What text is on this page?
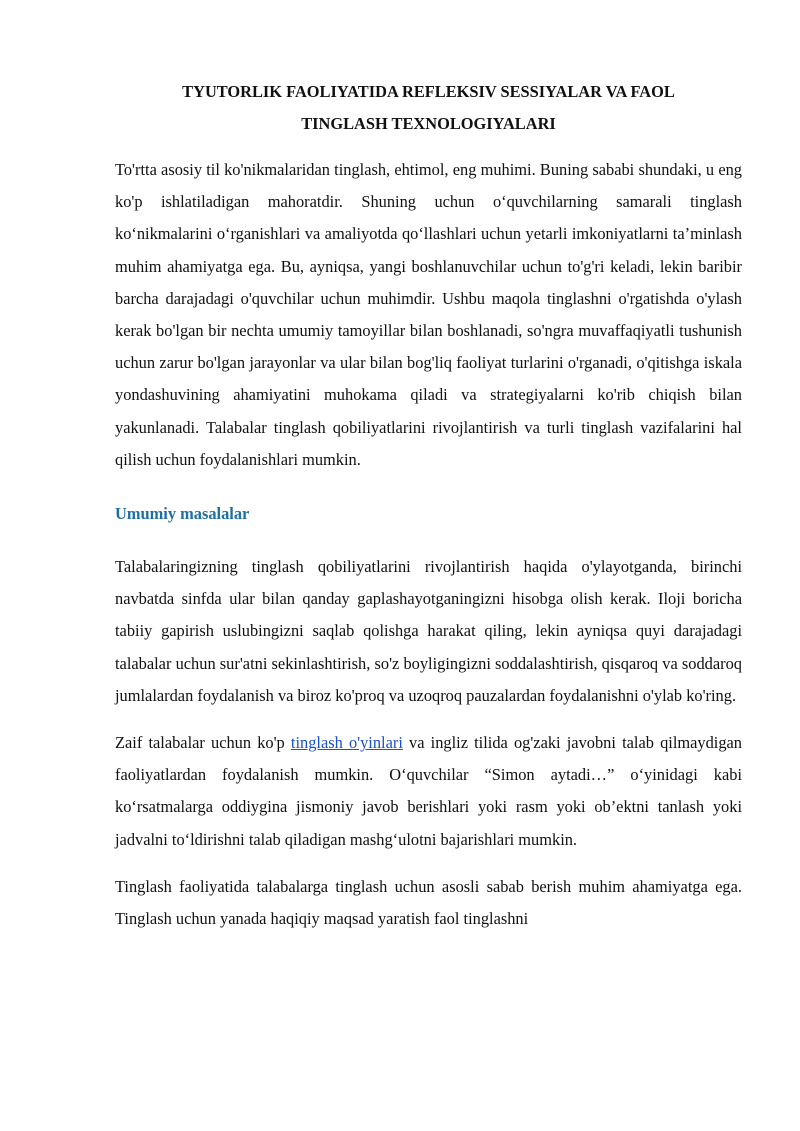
TYUTORLIK FAOLIYATIDA REFLEKSIV SESSIYALAR VA FAOL
TINGLASH TEXNOLOGIYALARI

To'rtta asosiy til ko'nikmalaridan tinglash, ehtimol, eng muhimi. Buning sababi shundaki, u eng ko'p ishlatiladigan mahoratdir. Shuning uchun o‘quvchilarning samarali tinglash ko‘nikmalarini o‘rganishlari va amaliyotda qo‘llashlari uchun yetarli imkoniyatlarni ta’minlash muhim ahamiyatga ega. Bu, ayniqsa, yangi boshlanuvchilar uchun to'g'ri keladi, lekin baribir barcha darajadagi o'quvchilar uchun muhimdir. Ushbu maqola tinglashni o'rgatishda o'ylash kerak bo'lgan bir nechta umumiy tamoyillar bilan boshlanadi, so'ngra muvaffaqiyatli tushunish uchun zarur bo'lgan jarayonlar va ular bilan bog'liq faoliyat turlarini o'rganadi, o'qitishga iskala yondashuvining ahamiyatini muhokama qiladi va strategiyalarni ko'rib chiqish bilan yakunlanadi. Talabalar tinglash qobiliyatlarini rivojlantirish va turli tinglash vazifalarini hal qilish uchun foydalanishlari mumkin.

Umumiy masalalar

Talabalaringizning tinglash qobiliyatlarini rivojlantirish haqida o'ylayotganda, birinchi navbatda sinfda ular bilan qanday gaplashayotganingizni hisobga olish kerak. Iloji boricha tabiiy gapirish uslubingizni saqlab qolishga harakat qiling, lekin ayniqsa quyi darajadagi talabalar uchun sur'atni sekinlashtirish, so'z boyligingizni soddalashtirish, qisqaroq va soddaroq jumlalardan foydalanish va biroz ko'proq va uzoqroq pauzalardan foydalanishni o'ylab ko'ring.

Zaif talabalar uchun ko'p tinglash o'yinlari va ingliz tilida og'zaki javobni talab qilmaydigan faoliyatlardan foydalanish mumkin. O‘quvchilar “Simon aytadi…” o‘yinidagi kabi ko‘rsatmalarga oddiygina jismoniy javob berishlari yoki rasm yoki ob’ektni tanlash yoki jadvalni to‘ldirishni talab qiladigan mashg‘ulotni bajarishlari mumkin.

Tinglash faoliyatida talabalarga tinglash uchun asosli sabab berish muhim ahamiyatga ega. Tinglash uchun yanada haqiqiy maqsad yaratish faol tinglashni
